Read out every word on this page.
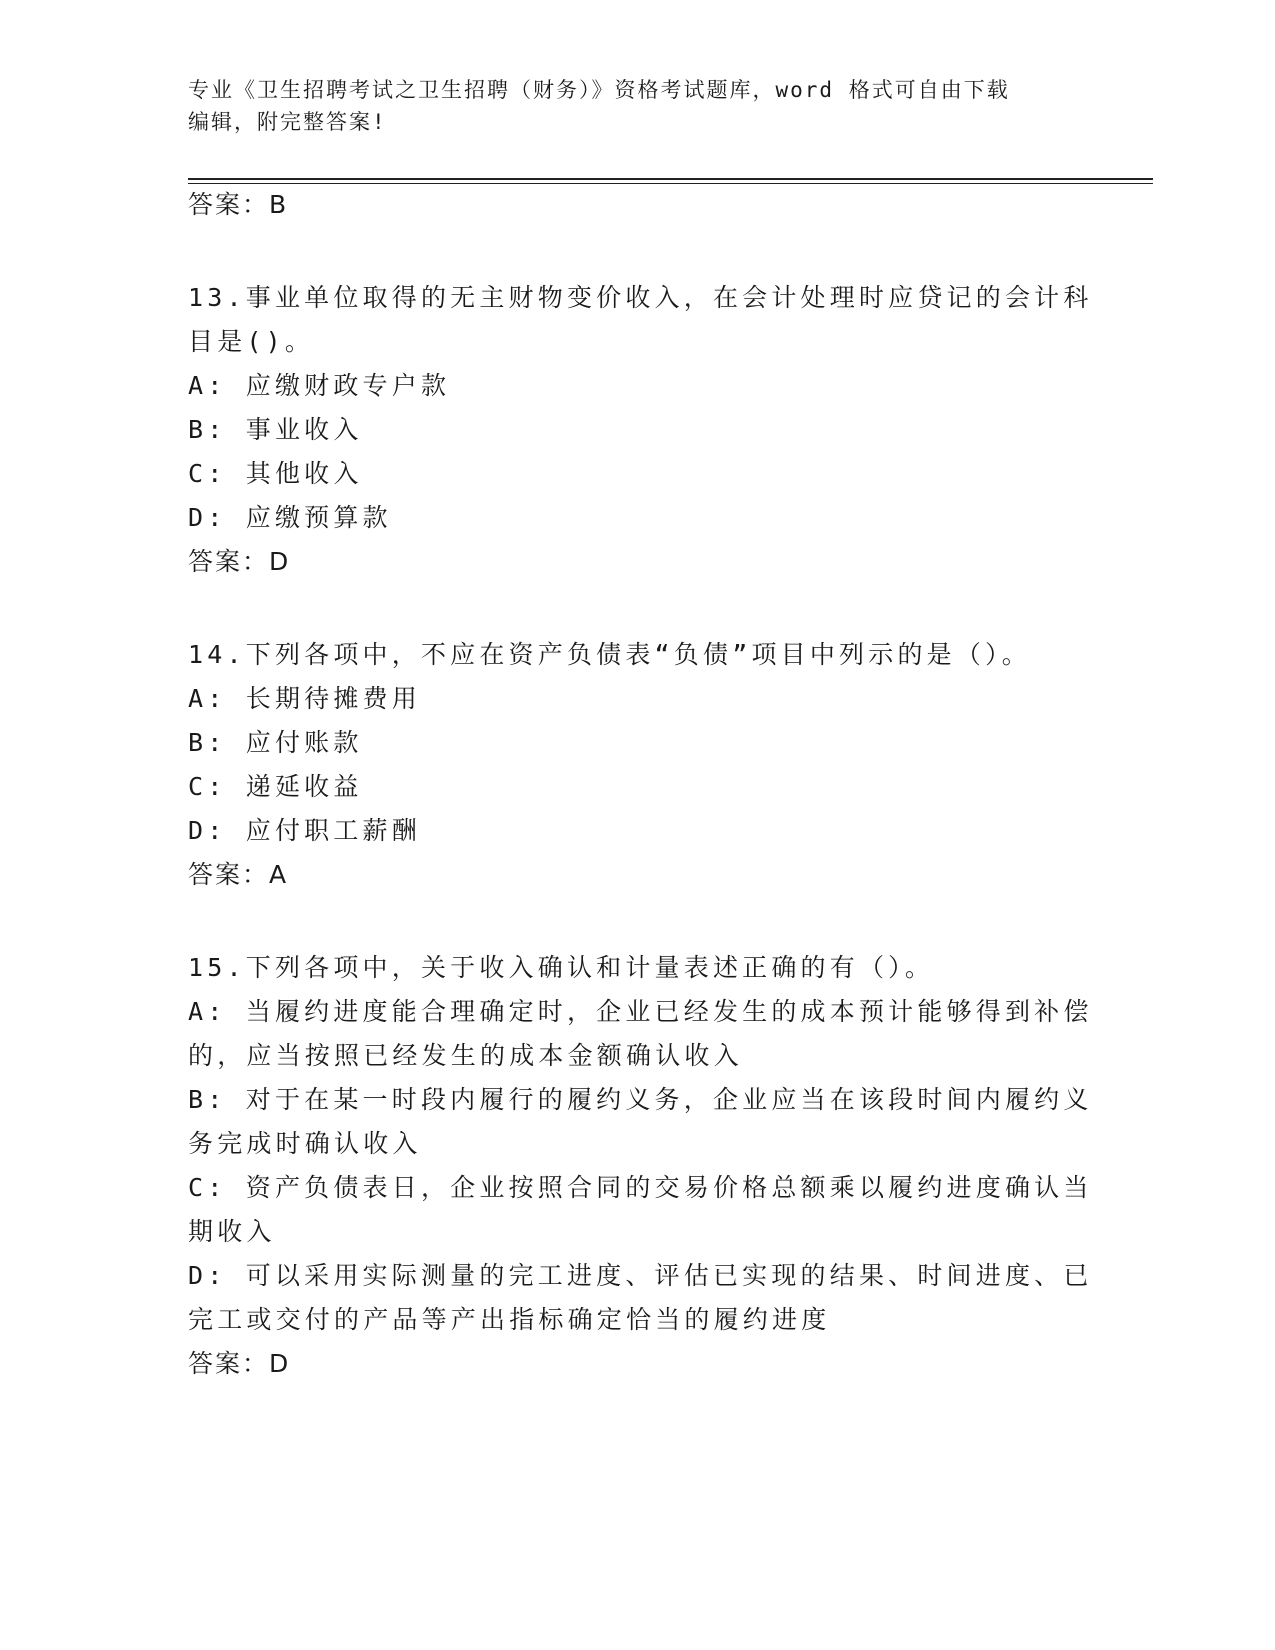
专业《卫生招聘考试之卫生招聘（财务）》资格考试题库，word 格式可自由下载
编辑，附完整答案!
答案：B
13.事业单位取得的无主财物变价收入，在会计处理时应贷记的会计科
目是()。
A: 应缴财政专户款
B: 事业收入
C: 其他收入
D: 应缴预算款
答案：D
14.下列各项中，不应在资产负债表“负债”项目中列示的是（）。
A: 长期待摊费用
B: 应付账款
C: 递延收益
D: 应付职工薪酬
答案：A
15.下列各项中，关于收入确认和计量表述正确的有（）。
A: 当履约进度能合理确定时，企业已经发生的成本预计能够得到补偿
的，应当按照已经发生的成本金额确认收入
B: 对于在某一时段内履行的履约义务，企业应当在该段时间内履约义
务完成时确认收入
C: 资产负债表日，企业按照合同的交易价格总额乘以履约进度确认当
期收入
D: 可以采用实际测量的完工进度、评估已实现的结果、时间进度、已
完工或交付的产品等产出指标确定恰当的履约进度
答案：D
